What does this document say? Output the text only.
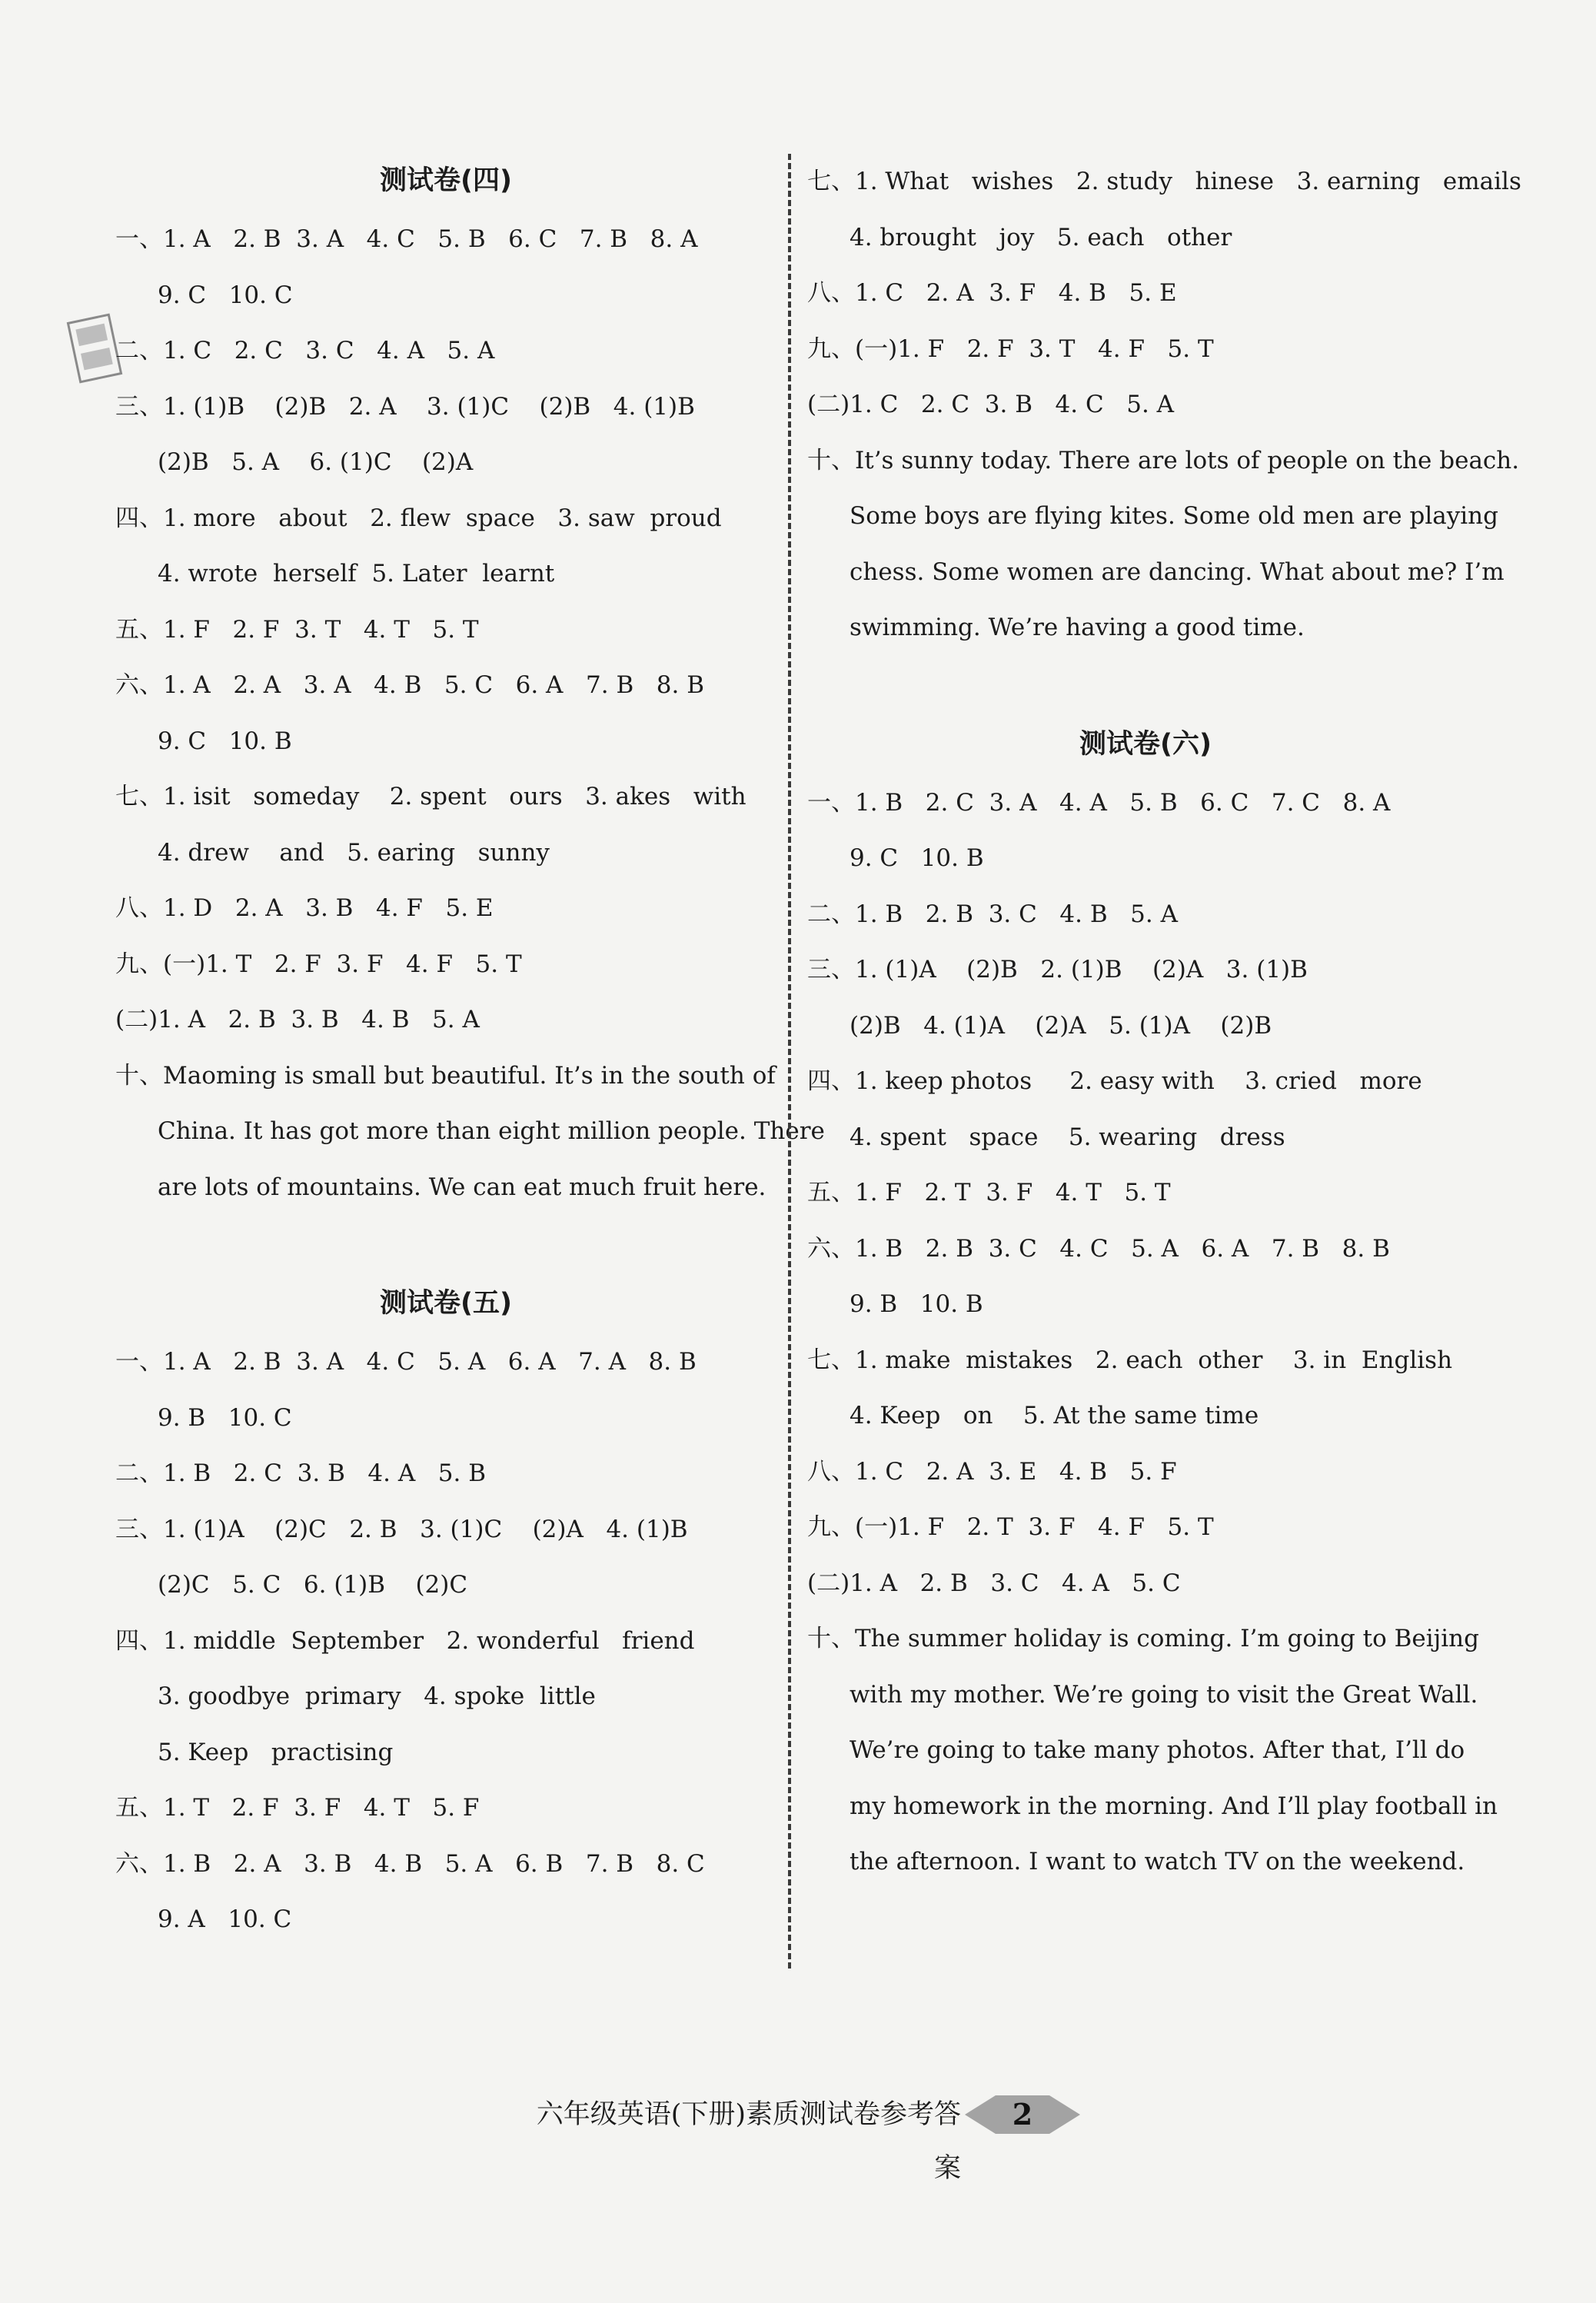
测试卷(四)
一、1. A   2. B  3. A   4. C   5. B   6. C   7. B   8. A
9. C   10. C
二、1. C   2. C   3. C   4. A   5. A
三、1. (1)B    (2)B   2. A    3. (1)C    (2)B   4. (1)B
(2)B   5. A    6. (1)C    (2)A
四、1. more   about   2. flew  space   3. saw  proud
4. wrote  herself  5. Later  learnt
五、1. F   2. F  3. T   4. T   5. T
六、1. A   2. A   3. A   4. B   5. C   6. A   7. B   8. B
9. C   10. B
七、1. isit   someday    2. spent   ours   3. akes   with
4. drew    and   5. earing   sunny
八、1. D   2. A   3. B   4. F   5. E
九、(一)1. T   2. F  3. F   4. F   5. T
(二)1. A   2. B  3. B   4. B   5. A
十、Maoming is small but beautiful. It’s in the south of
China. It has got more than eight million people. There
are lots of mountains. We can eat much fruit here.
测试卷(五)
一、1. A   2. B  3. A   4. C   5. A   6. A   7. A   8. B
9. B   10. C
二、1. B   2. C  3. B   4. A   5. B
三、1. (1)A    (2)C   2. B   3. (1)C    (2)A   4. (1)B
(2)C   5. C   6. (1)B    (2)C
四、1. middle  September   2. wonderful   friend
3. goodbye  primary   4. spoke  little
5. Keep   practising
五、1. T   2. F  3. F   4. T   5. F
六、1. B   2. A   3. B   4. B   5. A   6. B   7. B   8. C
9. A   10. C
七、1. What   wishes   2. study   hinese   3. earning   emails
4. brought   joy   5. each   other
八、1. C   2. A  3. F   4. B   5. E
九、(一)1. F   2. F  3. T   4. F   5. T
(二)1. C   2. C  3. B   4. C   5. A
十、It’s sunny today. There are lots of people on the beach.
Some boys are flying kites. Some old men are playing
chess. Some women are dancing. What about me? I’m
swimming. We’re having a good time.
测试卷(六)
一、1. B   2. C  3. A   4. A   5. B   6. C   7. C   8. A
9. C   10. B
二、1. B   2. B  3. C   4. B   5. A
三、1. (1)A    (2)B   2. (1)B    (2)A   3. (1)B
(2)B   4. (1)A    (2)A   5. (1)A    (2)B
四、1. keep photos     2. easy with    3. cried   more
4. spent   space    5. wearing   dress
五、1. F   2. T  3. F   4. T   5. T
六、1. B   2. B  3. C   4. C   5. A   6. A   7. B   8. B
9. B   10. B
七、1. make  mistakes   2. each  other    3. in  English
4. Keep   on    5. At the same time
八、1. C   2. A  3. E   4. B   5. F
九、(一)1. F   2. T  3. F   4. F   5. T
(二)1. A   2. B   3. C   4. A   5. C
十、The summer holiday is coming. I’m going to Beijing
with my mother. We’re going to visit the Great Wall.
We’re going to take many photos. After that, I’ll do
my homework in the morning. And I’ll play football in
the afternoon. I want to watch TV on the weekend.
六年级英语(下册)素质测试卷参考答案
2
